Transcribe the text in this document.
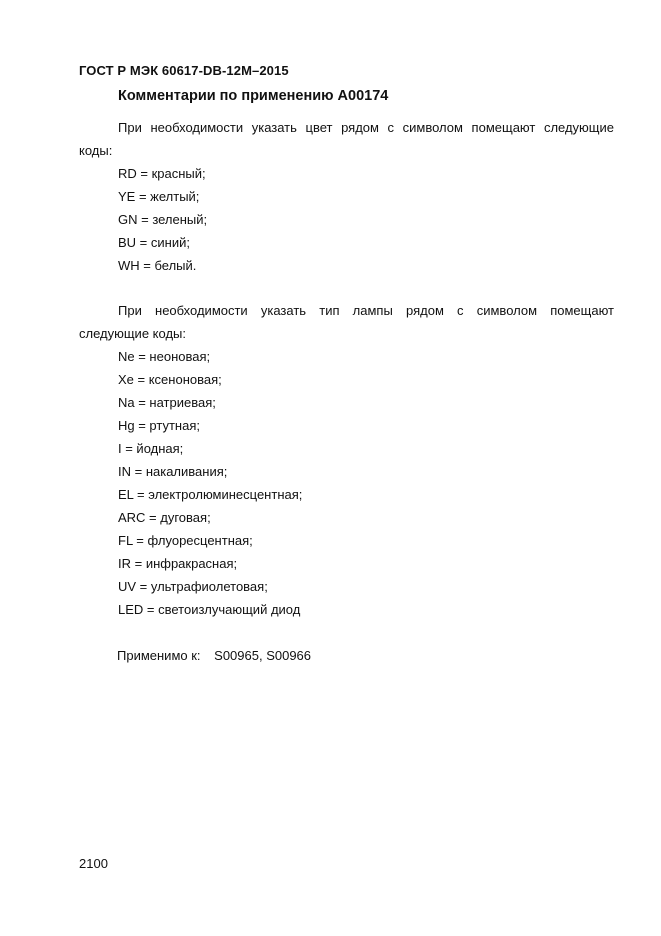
ГОСТ Р МЭК 60617-DB-12M–2015
Комментарии по применению A00174
При необходимости указать цвет рядом с символом помещают следующие
коды:
RD = красный;
YE = желтый;
GN = зеленый;
BU = синий;
WH = белый.
При необходимости указать тип лампы рядом с символом помещают
следующие коды:
Ne = неоновая;
Xe = ксеноновая;
Na = натриевая;
Hg = ртутная;
I = йодная;
IN = накаливания;
EL = электролюминесцентная;
ARC = дуговая;
FL = флуоресцентная;
IR = инфракрасная;
UV = ультрафиолетовая;
LED = светоизлучающий диод
Применимо к: S00965, S00966
2100
